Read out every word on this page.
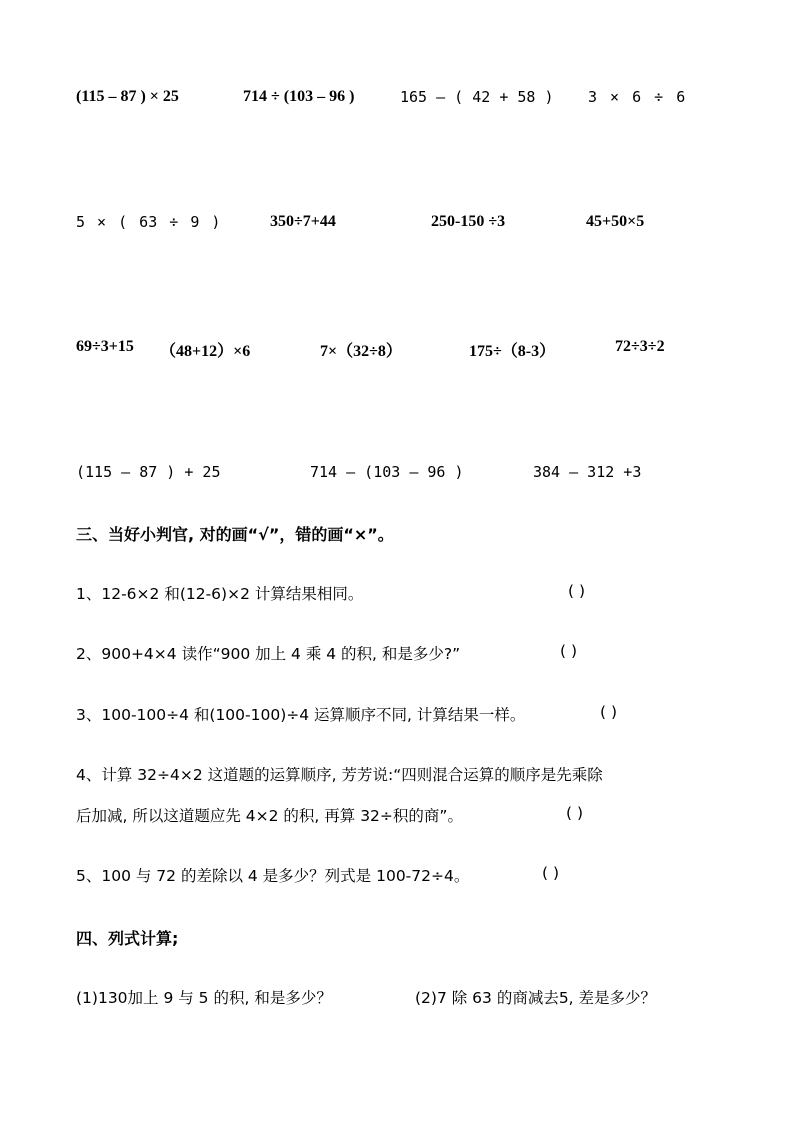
(115 – 87 ) × 25	714 ÷ (103 – 96 )	165 – ( 42 + 58 ) 3 × 6 ÷ 6
5 × ( 63 ÷ 9 )	350÷7+44	250-150 ÷3	45+50×5
69÷3+15 （48+12）×6	7×（32÷8）	175÷（8-3）	72÷3÷2
(115 – 87 ) + 25	714 – (103 – 96 )	384 – 312 +3
三、当好小判官, 对的画“√”，错的画“×”。
1、12-6×2 和(12-6)×2 计算结果相同。	( )
2、900+4×4 读作“900 加上 4 乘 4 的积, 和是多少?”	( )
3、100-100÷4 和(100-100)÷4 运算顺序不同, 计算结果一样。	( )
4、计算 32÷4×2 这道题的运算顺序, 芳芳说:“四则混合运算的顺序是先乘除
后加减, 所以这道题应先 4×2 的积, 再算 32÷积的商”。	( )
5、100 与 72 的差除以 4 是多少？列式是 100-72÷4。	( )
四、列式计算;
(1)130加上 9 与 5 的积, 和是多少？	(2)7 除 63 的商减去5, 差是多少？
